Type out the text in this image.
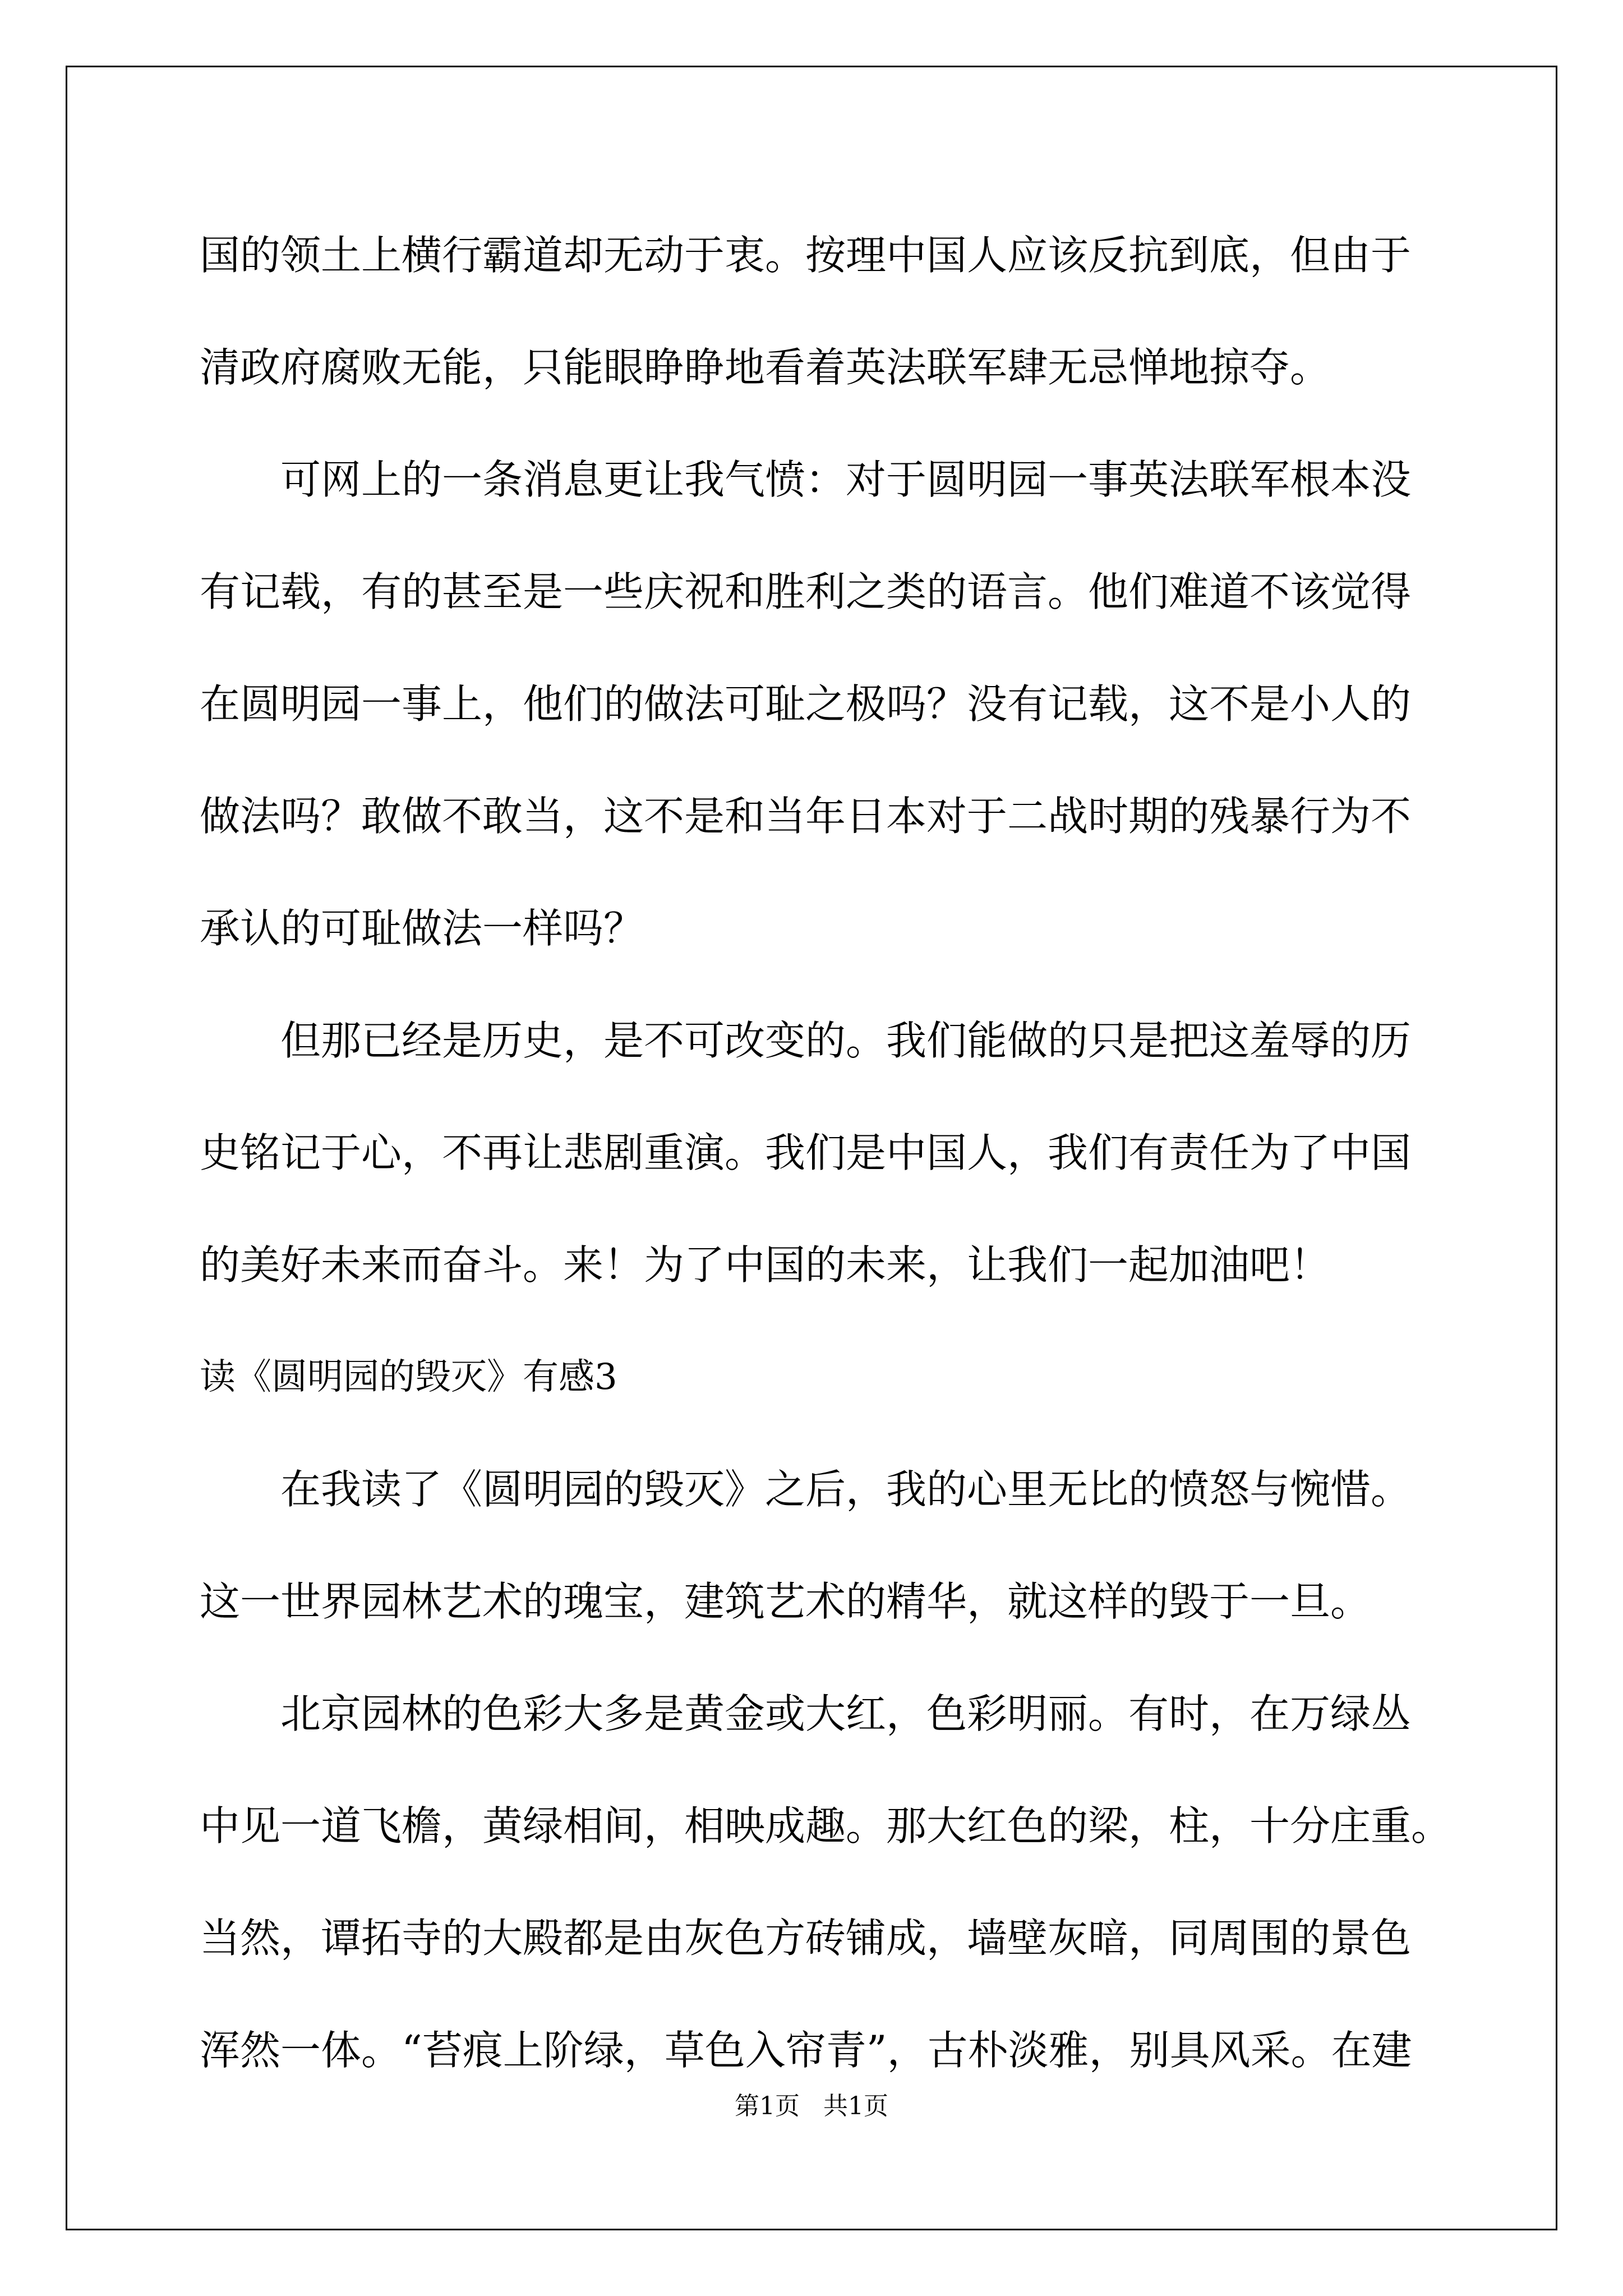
国的领土上横行霸道却无动于衷。按理中国人应该反抗到底，但由于
清政府腐败无能，只能眼睁睁地看着英法联军肆无忌惮地掠夺。
　　可网上的一条消息更让我气愤：对于圆明园一事英法联军根本没
有记载，有的甚至是一些庆祝和胜利之类的语言。他们难道不该觉得
在圆明园一事上，他们的做法可耻之极吗？没有记载，这不是小人的
做法吗？敢做不敢当，这不是和当年日本对于二战时期的残暴行为不
承认的可耻做法一样吗？
　　但那已经是历史，是不可改变的。我们能做的只是把这羞辱的历
史铭记于心，不再让悲剧重演。我们是中国人，我们有责任为了中国
的美好未来而奋斗。来！为了中国的未来，让我们一起加油吧！
读《圆明园的毁灭》有感3
　　在我读了《圆明园的毁灭》之后，我的心里无比的愤怒与惋惜。
这一世界园林艺术的瑰宝，建筑艺术的精华，就这样的毁于一旦。
　　北京园林的色彩大多是黄金或大红，色彩明丽。有时，在万绿丛
中见一道飞檐，黄绿相间，相映成趣。那大红色的梁，柱，十分庄重。
当然，谭拓寺的大殿都是由灰色方砖铺成，墙壁灰暗，同周围的景色
浑然一体。“苔痕上阶绿，草色入帘青”，古朴淡雅，别具风采。在建
第1页   共1页
